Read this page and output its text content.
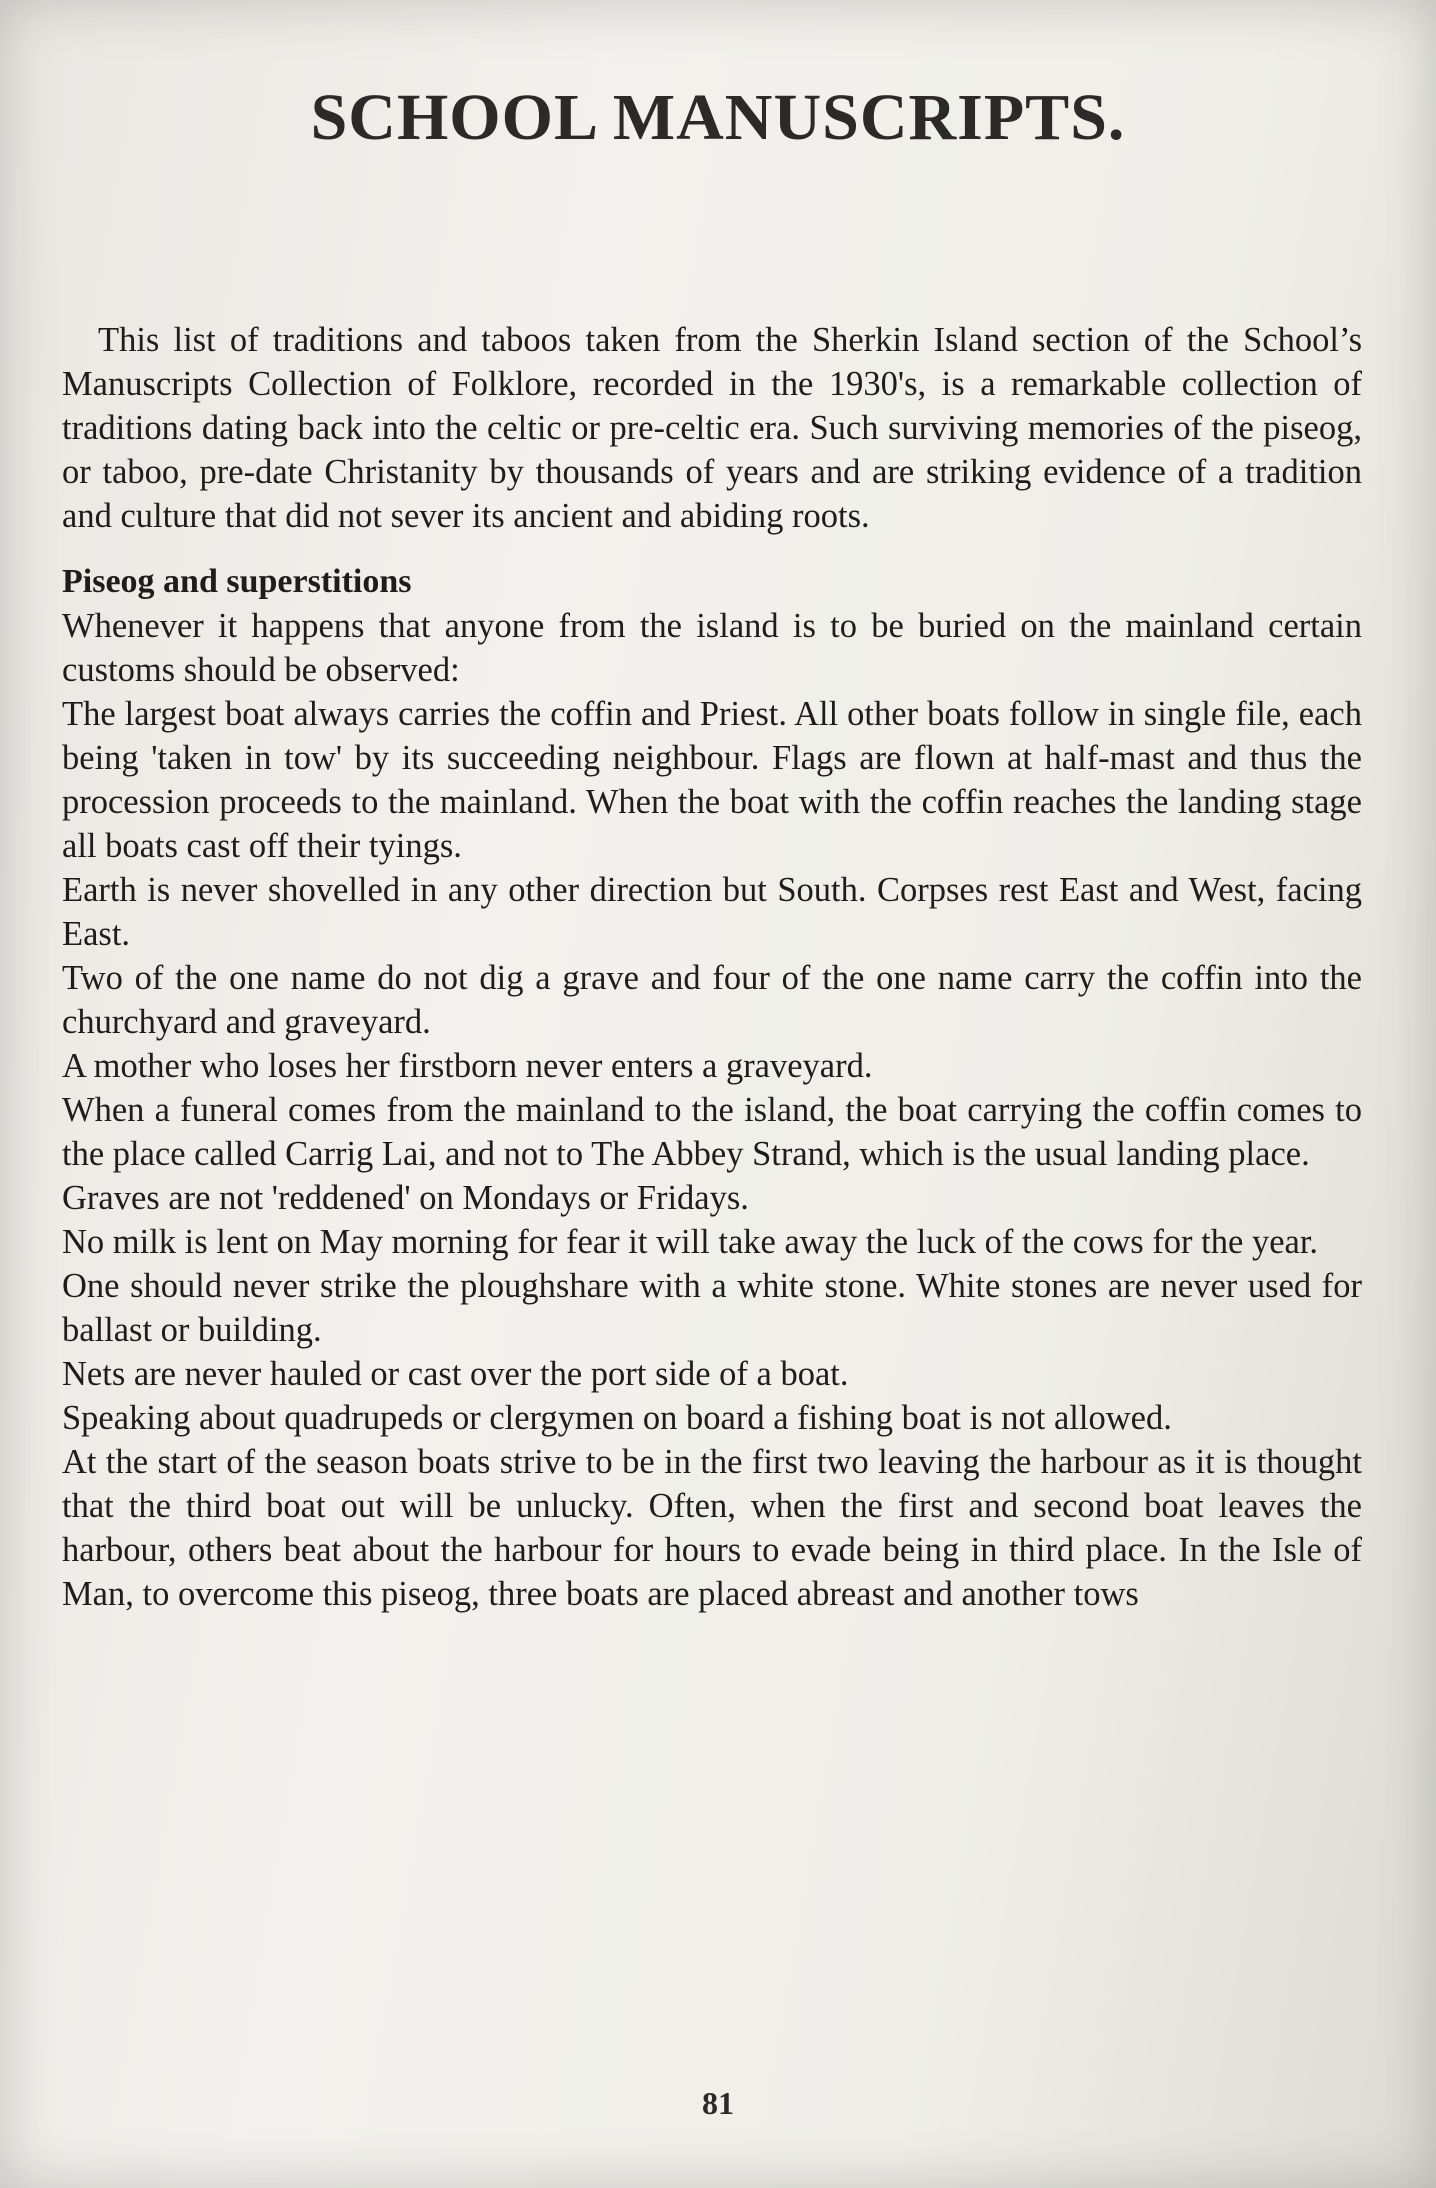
SCHOOL MANUSCRIPTS.

This list of traditions and taboos taken from the Sherkin Island section of the School’s Manuscripts Collection of Folklore, recorded in the 1930's, is a remarkable collection of traditions dating back into the celtic or pre-celtic era. Such surviving memories of the piseog, or taboo, pre-date Christanity by thousands of years and are striking evidence of a tradition and culture that did not sever its ancient and abiding roots.

Piseog and superstitions

Whenever it happens that anyone from the island is to be buried on the mainland certain customs should be observed:

The largest boat always carries the coffin and Priest. All other boats follow in single file, each being 'taken in tow' by its succeeding neighbour. Flags are flown at half-mast and thus the procession proceeds to the mainland. When the boat with the coffin reaches the landing stage all boats cast off their tyings.

Earth is never shovelled in any other direction but South. Corpses rest East and West, facing East.

Two of the one name do not dig a grave and four of the one name carry the coffin into the churchyard and graveyard.

A mother who loses her firstborn never enters a graveyard.

When a funeral comes from the mainland to the island, the boat carrying the coffin comes to the place called Carrig Lai, and not to The Abbey Strand, which is the usual landing place.

Graves are not 'reddened' on Mondays or Fridays.

No milk is lent on May morning for fear it will take away the luck of the cows for the year.

One should never strike the ploughshare with a white stone. White stones are never used for ballast or building.

Nets are never hauled or cast over the port side of a boat.

Speaking about quadrupeds or clergymen on board a fishing boat is not allowed.

At the start of the season boats strive to be in the first two leaving the harbour as it is thought that the third boat out will be unlucky. Often, when the first and second boat leaves the harbour, others beat about the harbour for hours to evade being in third place. In the Isle of Man, to overcome this piseog, three boats are placed abreast and another tows

81
